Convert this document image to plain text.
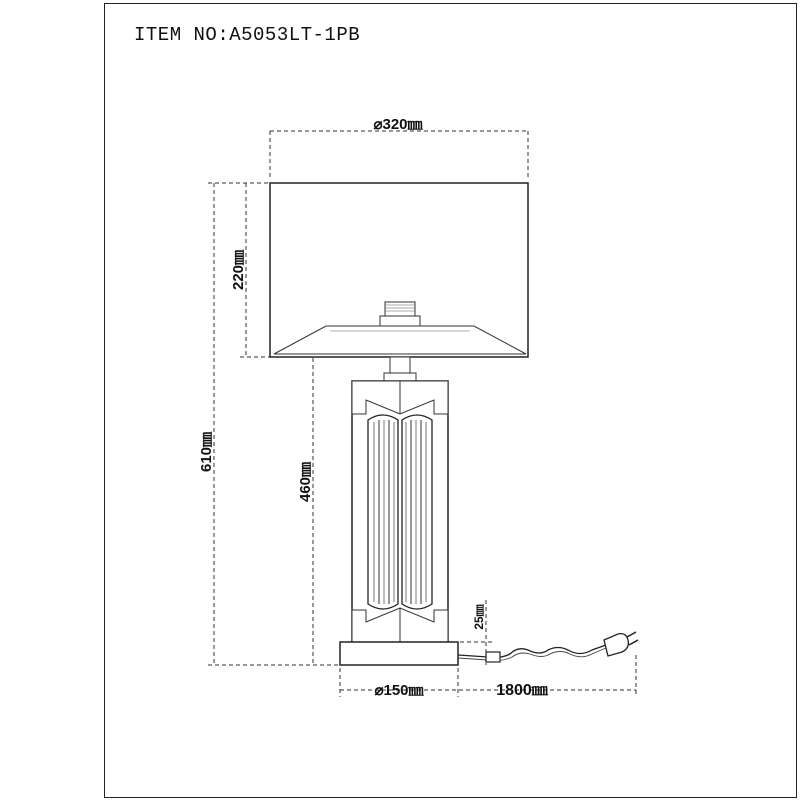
ITEM NO:A5053LT-1PB
⌀320㎜
220㎜
610㎜
460㎜
25㎜
⌀150㎜	1800㎜
